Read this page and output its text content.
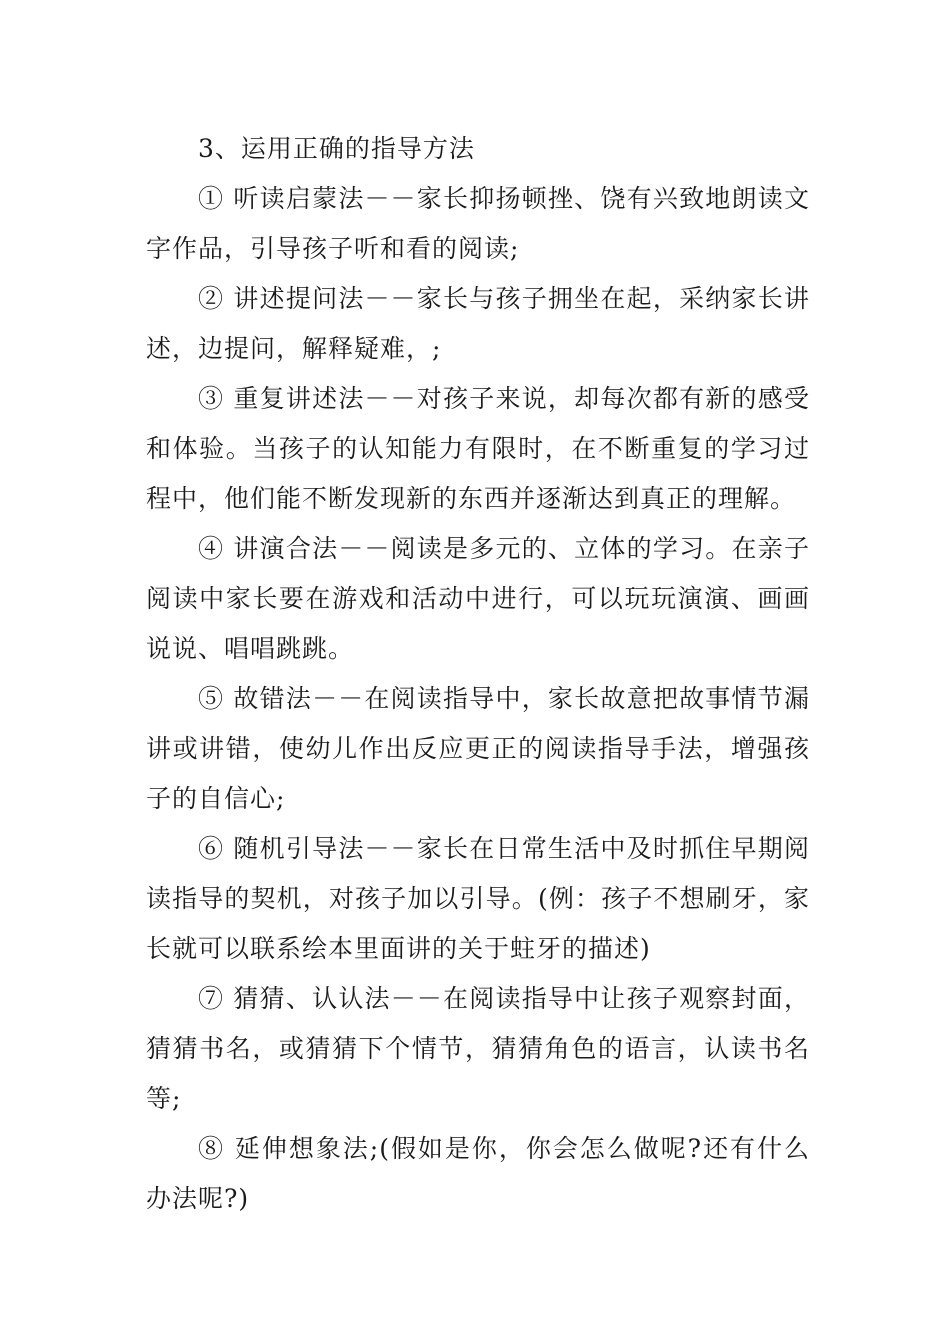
3、运用正确的指导方法

① 听读启蒙法－－家长抑扬顿挫、饶有兴致地朗读文字作品，引导孩子听和看的阅读;

② 讲述提问法－－家长与孩子拥坐在起，采纳家长讲述，边提问，解释疑难，;

③ 重复讲述法－－对孩子来说，却每次都有新的感受和体验。当孩子的认知能力有限时，在不断重复的学习过程中，他们能不断发现新的东西并逐渐达到真正的理解。

④ 讲演合法－－阅读是多元的、立体的学习。在亲子阅读中家长要在游戏和活动中进行，可以玩玩演演、画画说说、唱唱跳跳。

⑤ 故错法－－在阅读指导中，家长故意把故事情节漏讲或讲错，使幼儿作出反应更正的阅读指导手法，增强孩子的自信心;

⑥ 随机引导法－－家长在日常生活中及时抓住早期阅读指导的契机，对孩子加以引导。(例：孩子不想刷牙，家长就可以联系绘本里面讲的关于蛀牙的描述)

⑦ 猜猜、认认法－－在阅读指导中让孩子观察封面，猜猜书名，或猜猜下个情节，猜猜角色的语言，认读书名等;

⑧ 延伸想象法;(假如是你，你会怎么做呢?还有什么办法呢?)
